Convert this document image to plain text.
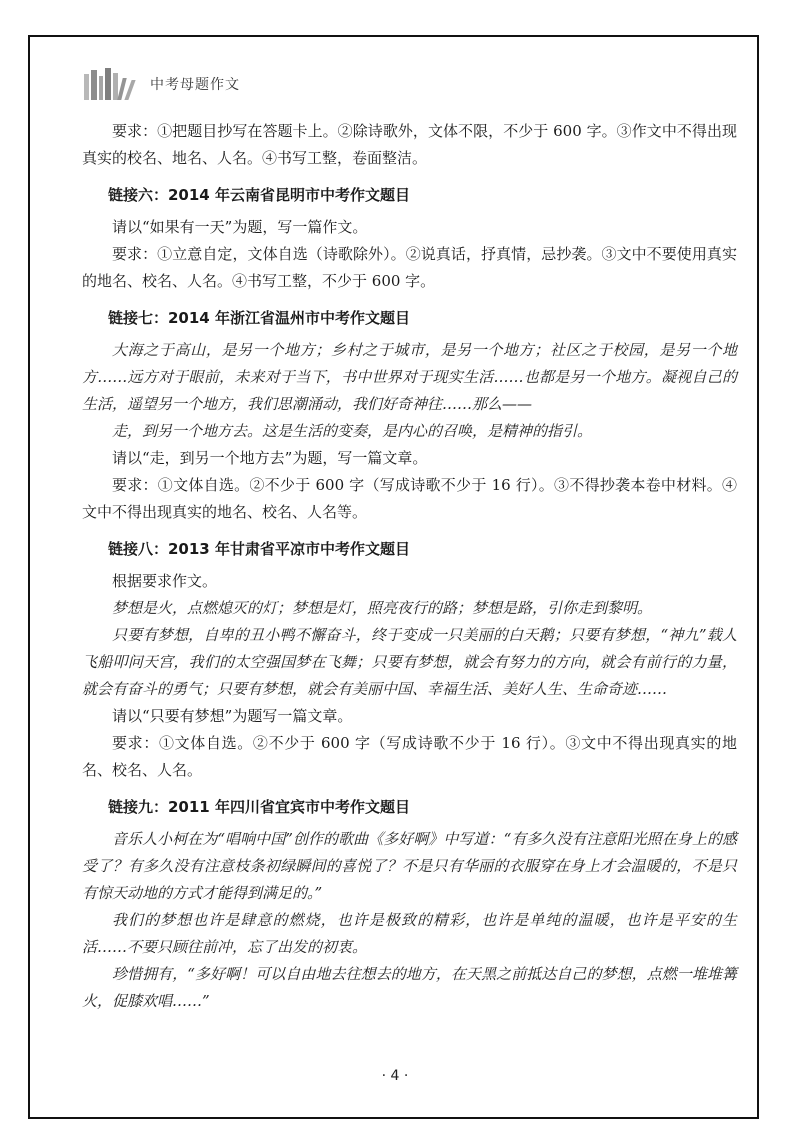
中考母题作文

要求：①把题目抄写在答题卡上。②除诗歌外，文体不限，不少于 600 字。③作文中不得出现真实的校名、地名、人名。④书写工整，卷面整洁。

链接六：2014 年云南省昆明市中考作文题目

请以“如果有一天”为题，写一篇作文。

要求：①立意自定，文体自选（诗歌除外）。②说真话，抒真情，忌抄袭。③文中不要使用真实的地名、校名、人名。④书写工整，不少于 600 字。

链接七：2014 年浙江省温州市中考作文题目

大海之于高山，是另一个地方；乡村之于城市，是另一个地方；社区之于校园，是另一个地方……远方对于眼前，未来对于当下，书中世界对于现实生活……也都是另一个地方。凝视自己的生活，遥望另一个地方，我们思潮涌动，我们好奇神往……那么——

走，到另一个地方去。这是生活的变奏，是内心的召唤，是精神的指引。

请以“走，到另一个地方去”为题，写一篇文章。

要求：①文体自选。②不少于 600 字（写成诗歌不少于 16 行）。③不得抄袭本卷中材料。④文中不得出现真实的地名、校名、人名等。

链接八：2013 年甘肃省平凉市中考作文题目

根据要求作文。

梦想是火，点燃熄灭的灯；梦想是灯，照亮夜行的路；梦想是路，引你走到黎明。

只要有梦想，自卑的丑小鸭不懈奋斗，终于变成一只美丽的白天鹅；只要有梦想，“神九”载人飞船叩问天宫，我们的太空强国梦在飞舞；只要有梦想，就会有努力的方向，就会有前行的力量，就会有奋斗的勇气；只要有梦想，就会有美丽中国、幸福生活、美好人生、生命奇迹……

请以“只要有梦想”为题写一篇文章。

要求：①文体自选。②不少于 600 字（写成诗歌不少于 16 行）。③文中不得出现真实的地名、校名、人名。

链接九：2011 年四川省宜宾市中考作文题目

音乐人小柯在为“唱响中国”创作的歌曲《多好啊》中写道：“有多久没有注意阳光照在身上的感受了？有多久没有注意枝条初绿瞬间的喜悦了？不是只有华丽的衣服穿在身上才会温暖的，不是只有惊天动地的方式才能得到满足的。”

我们的梦想也许是肆意的燃烧，也许是极致的精彩，也许是单纯的温暖，也许是平安的生活……不要只顾往前冲，忘了出发的初衷。

珍惜拥有，“多好啊！可以自由地去往想去的地方，在天黑之前抵达自己的梦想，点燃一堆堆篝火，促膝欢唱……”

· 4 ·
